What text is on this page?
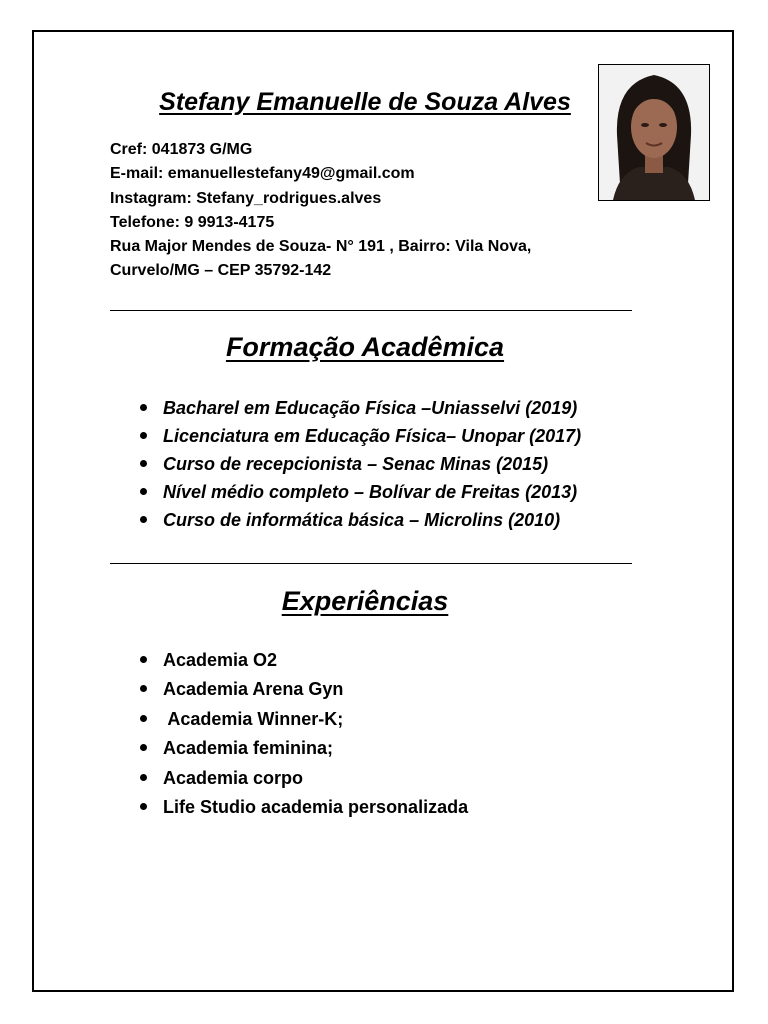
Stefany Emanuelle de Souza Alves
Cref: 041873 G/MG
E-mail: emanuellestefany49@gmail.com
Instagram: Stefany_rodrigues.alves
Telefone: 9 9913-4175
Rua Major Mendes de Souza- N° 191 , Bairro: Vila Nova,
Curvelo/MG – CEP 35792-142
Formação Acadêmica
Bacharel em Educação Física –Uniasselvi (2019)
Licenciatura em Educação Física– Unopar (2017)
Curso de recepcionista – Senac Minas (2015)
Nível médio completo – Bolívar de Freitas (2013)
Curso de informática básica – Microlins (2010)
Experiências
Academia O2
Academia Arena Gyn
Academia Winner-K;
Academia feminina;
Academia corpo
Life Studio academia personalizada
